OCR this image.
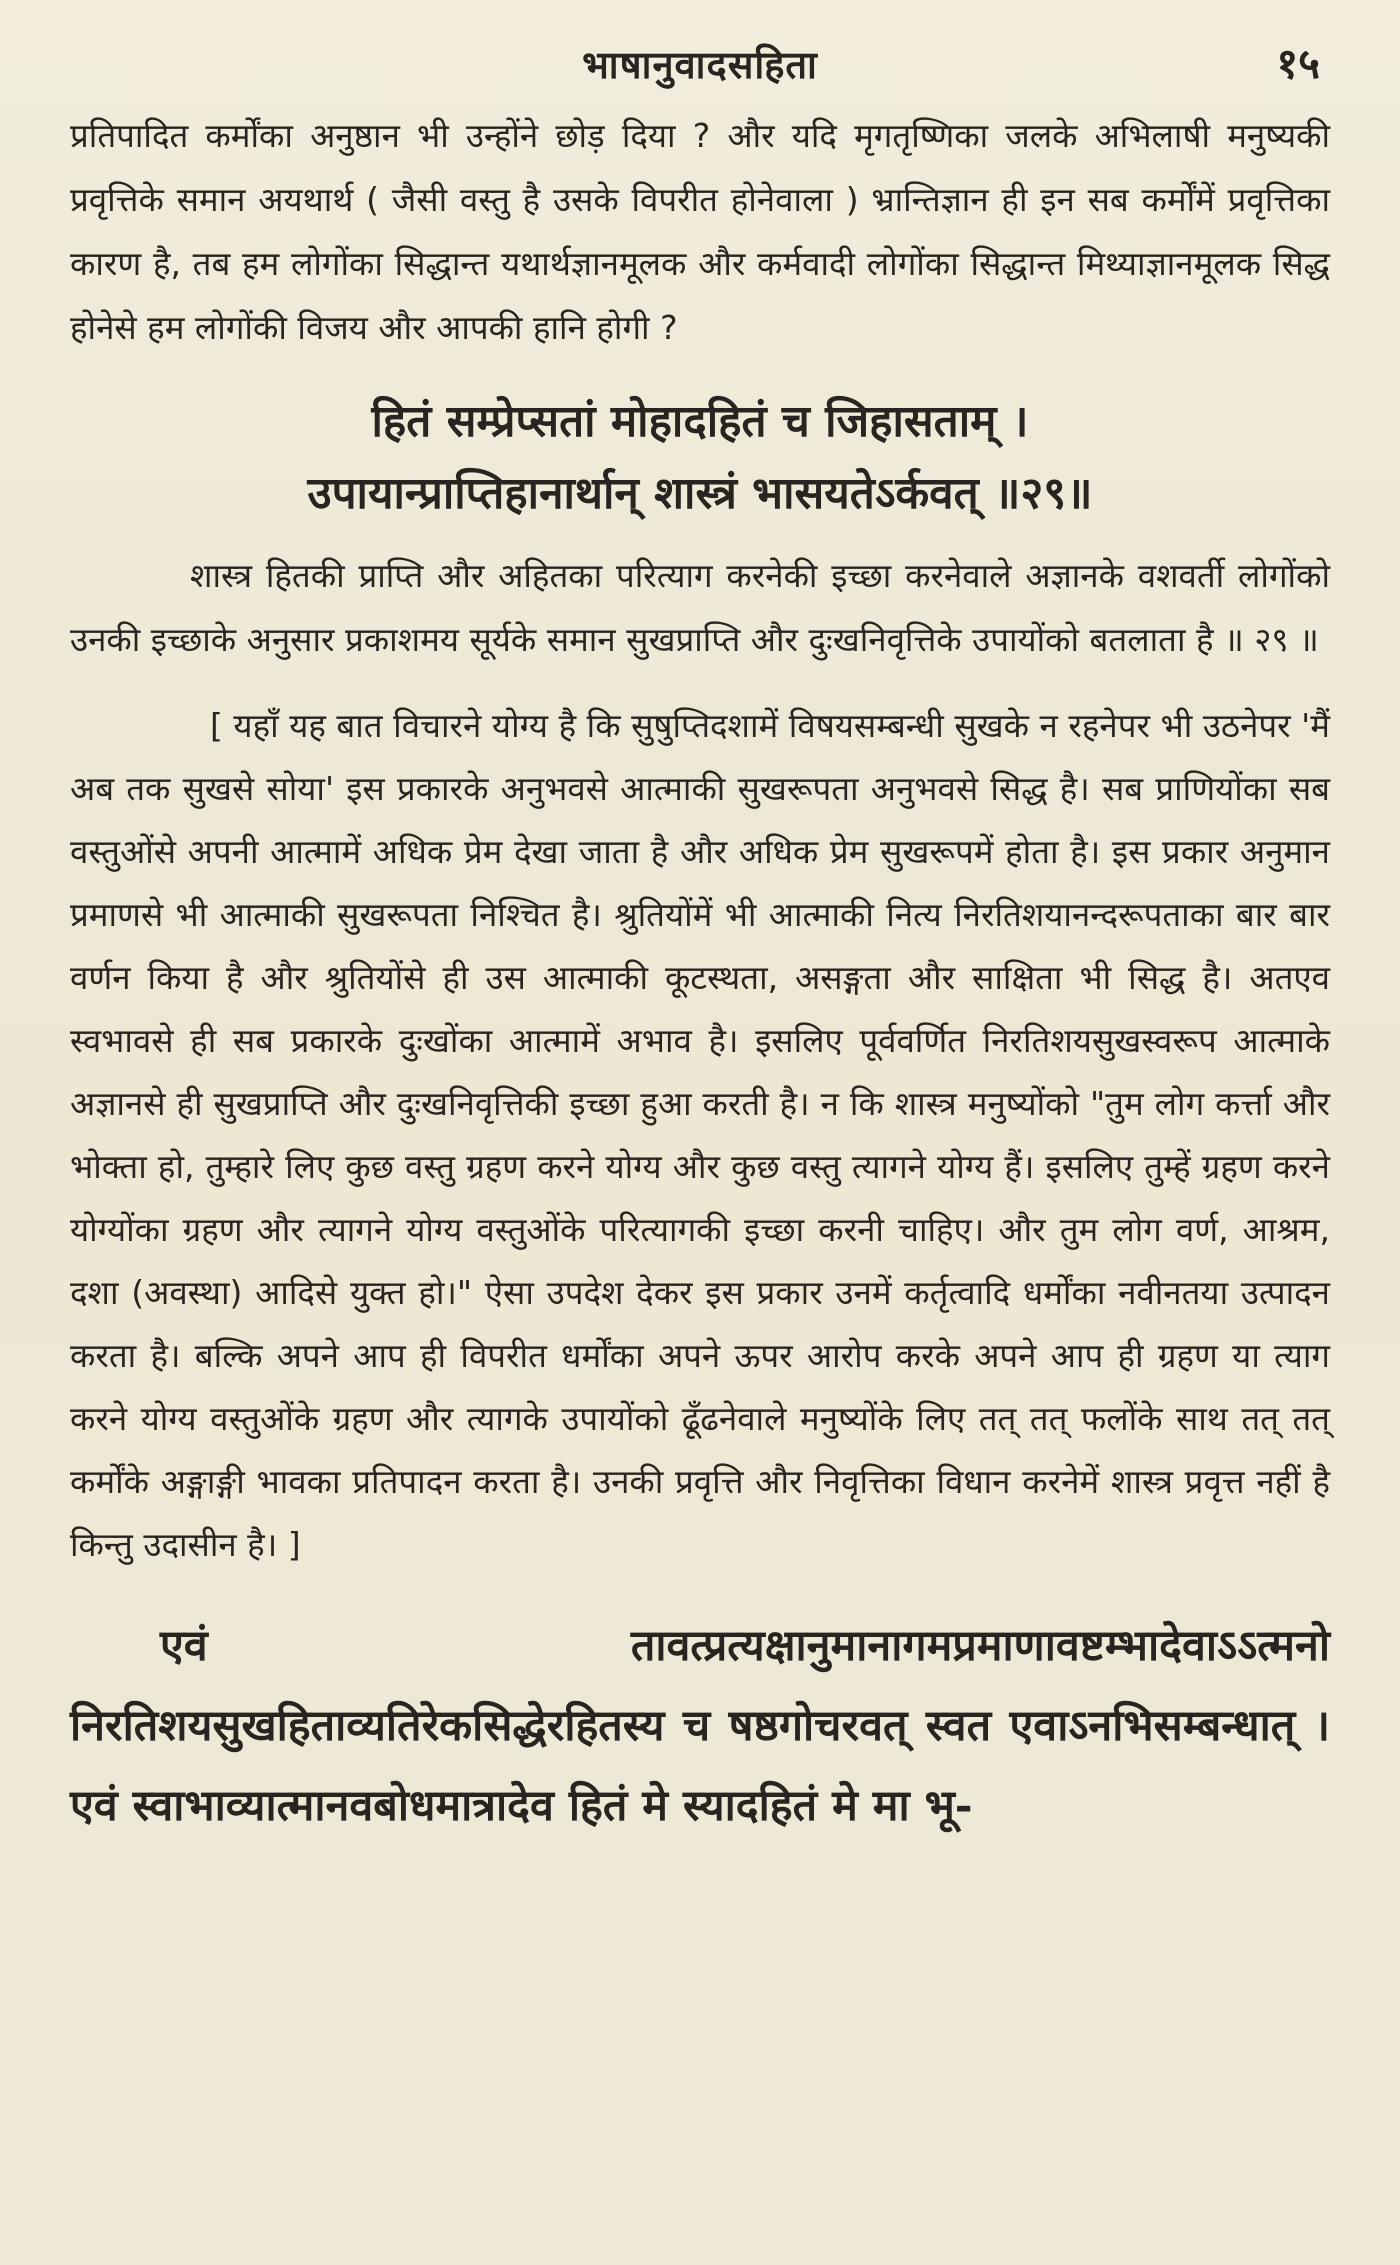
भाषानुवादसहिता	१५

प्रतिपादित कर्मोंका अनुष्ठान भी उन्होंने छोड़ दिया ? और यदि मृगतृष्णिका जलके अभिलाषी मनुष्यकी प्रवृत्तिके समान अयथार्थ ( जैसी वस्तु है उसके विपरीत होनेवाला ) भ्रान्तिज्ञान ही इन सब कर्मोंमें प्रवृत्तिका कारण है, तब हम लोगोंका सिद्धान्त यथार्थज्ञानमूलक और कर्मवादी लोगोंका सिद्धान्त मिथ्याज्ञानमूलक सिद्ध होनेसे हम लोगोंकी विजय और आपकी हानि होगी ?

हितं सम्प्रेप्सतां मोहादहितं च जिहासताम् ।
उपायान्प्राप्तिहानार्थान् शास्त्रं भासयतेऽर्कवत् ॥२९॥

शास्त्र हितकी प्राप्ति और अहितका परित्याग करनेकी इच्छा करनेवाले अज्ञानके वशवर्ती लोगोंको उनकी इच्छाके अनुसार प्रकाशमय सूर्यके समान सुखप्राप्ति और दुःखनिवृत्तिके उपायोंको बतलाता है ॥ २९ ॥

[ यहाँ यह बात विचारने योग्य है कि सुषुप्तिदशामें विषयसम्बन्धी सुखके न रहनेपर भी उठनेपर 'मैं अब तक सुखसे सोया' इस प्रकारके अनुभवसे आत्माकी सुखरूपता अनुभवसे सिद्ध है। सब प्राणियोंका सब वस्तुओंसे अपनी आत्मामें अधिक प्रेम देखा जाता है और अधिक प्रेम सुखरूपमें होता है। इस प्रकार अनुमान प्रमाणसे भी आत्माकी सुखरूपता निश्चित है। श्रुतियोंमें भी आत्माकी नित्य निरतिशयानन्दरूपताका बार बार वर्णन किया है और श्रुतियोंसे ही उस आत्माकी कूटस्थता, असङ्गता और साक्षिता भी सिद्ध है। अतएव स्वभावसे ही सब प्रकारके दुःखोंका आत्मामें अभाव है। इसलिए पूर्ववर्णित निरतिशयसुखस्वरूप आत्माके अज्ञानसे ही सुखप्राप्ति और दुःखनिवृत्तिकी इच्छा हुआ करती है। न कि शास्त्र मनुष्योंको "तुम लोग कर्त्ता और भोक्ता हो, तुम्हारे लिए कुछ वस्तु ग्रहण करने योग्य और कुछ वस्तु त्यागने योग्य हैं। इसलिए तुम्हें ग्रहण करने योग्योंका ग्रहण और त्यागने योग्य वस्तुओंके परित्यागकी इच्छा करनी चाहिए। और तुम लोग वर्ण, आश्रम, दशा (अवस्था) आदिसे युक्त हो।" ऐसा उपदेश देकर इस प्रकार उनमें कर्तृत्वादि धर्मोंका नवीनतया उत्पादन करता है। बल्कि अपने आप ही विपरीत धर्मोंका अपने ऊपर आरोप करके अपने आप ही ग्रहण या त्याग करने योग्य वस्तुओंके ग्रहण और त्यागके उपायोंको ढूँढनेवाले मनुष्योंके लिए तत् तत् फलोंके साथ तत् तत् कर्मोंके अङ्गाङ्गी भावका प्रतिपादन करता है। उनकी प्रवृत्ति और निवृत्तिका विधान करनेमें शास्त्र प्रवृत्त नहीं है किन्तु उदासीन है। ]

एवं तावत्प्रत्यक्षानुमानागमप्रमाणावष्टम्भादेवाऽऽत्मनो निरतिशयसुखहिताव्यतिरेकसिद्धेरहितस्य च षष्ठगोचरवत् स्वत एवाऽनभिसम्बन्धात् । एवं स्वाभाव्यात्मानवबोधमात्रादेव हितं मे स्यादहितं मे मा भू-
